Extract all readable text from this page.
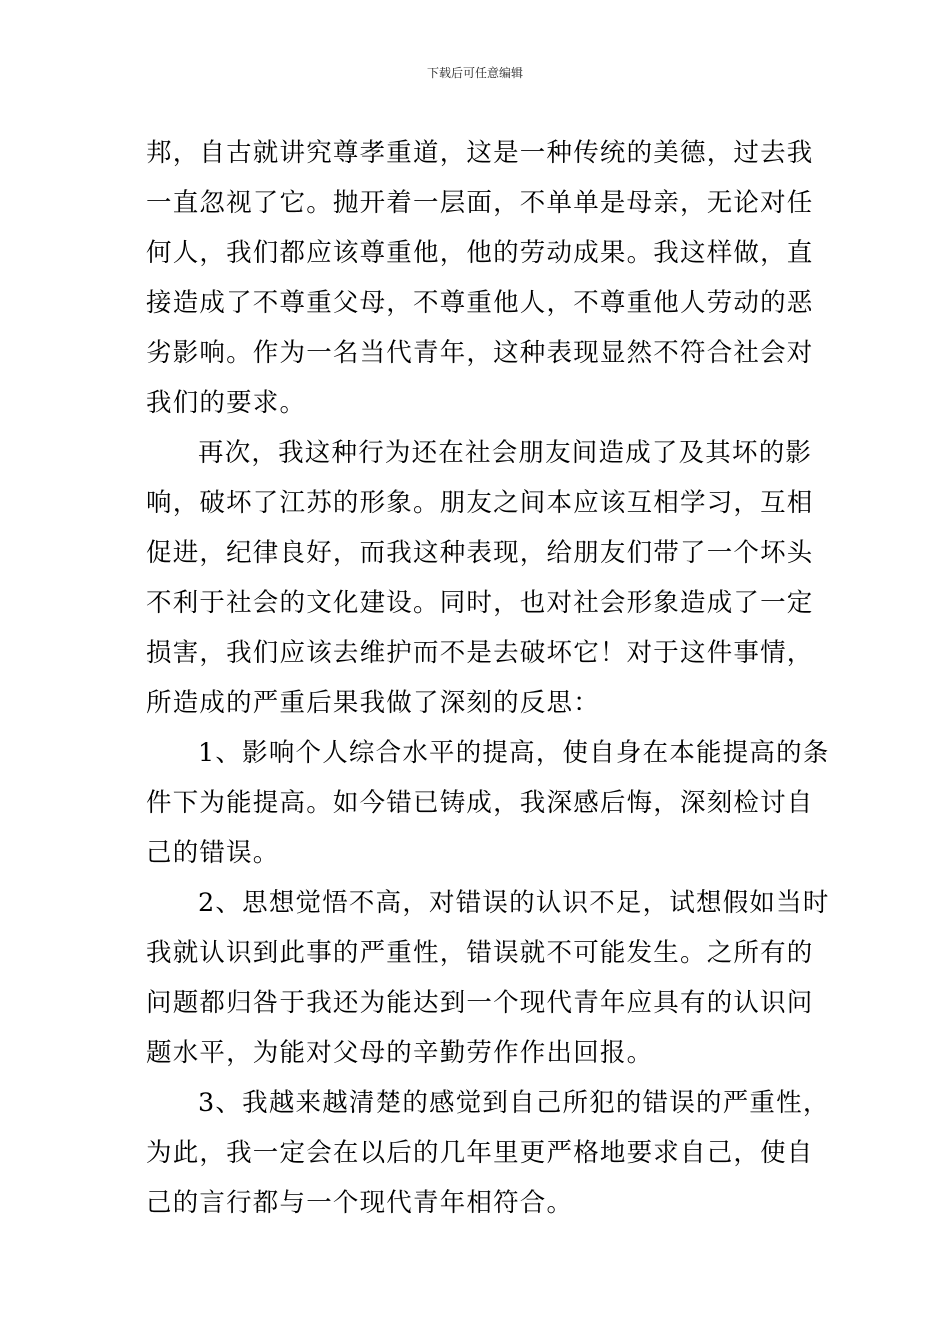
下载后可任意编辑
邦，自古就讲究尊孝重道，这是一种传统的美德，过去我
一直忽视了它。抛开着一层面，不单单是母亲，无论对任
何人，我们都应该尊重他，他的劳动成果。我这样做，直
接造成了不尊重父母，不尊重他人，不尊重他人劳动的恶
劣影响。作为一名当代青年，这种表现显然不符合社会对
我们的要求。
再次，我这种行为还在社会朋友间造成了及其坏的影
响，破坏了江苏的形象。朋友之间本应该互相学习，互相
促进，纪律良好，而我这种表现，给朋友们带了一个坏头
不利于社会的文化建设。同时，也对社会形象造成了一定
损害，我们应该去维护而不是去破坏它！对于这件事情，
所造成的严重后果我做了深刻的反思：
1、影响个人综合水平的提高，使自身在本能提高的条
件下为能提高。如今错已铸成，我深感后悔，深刻检讨自
己的错误。
2、思想觉悟不高，对错误的认识不足，试想假如当时
我就认识到此事的严重性，错误就不可能发生。之所有的
问题都归咎于我还为能达到一个现代青年应具有的认识问
题水平，为能对父母的辛勤劳作作出回报。
3、我越来越清楚的感觉到自己所犯的错误的严重性，
为此，我一定会在以后的几年里更严格地要求自己，使自
己的言行都与一个现代青年相符合。
